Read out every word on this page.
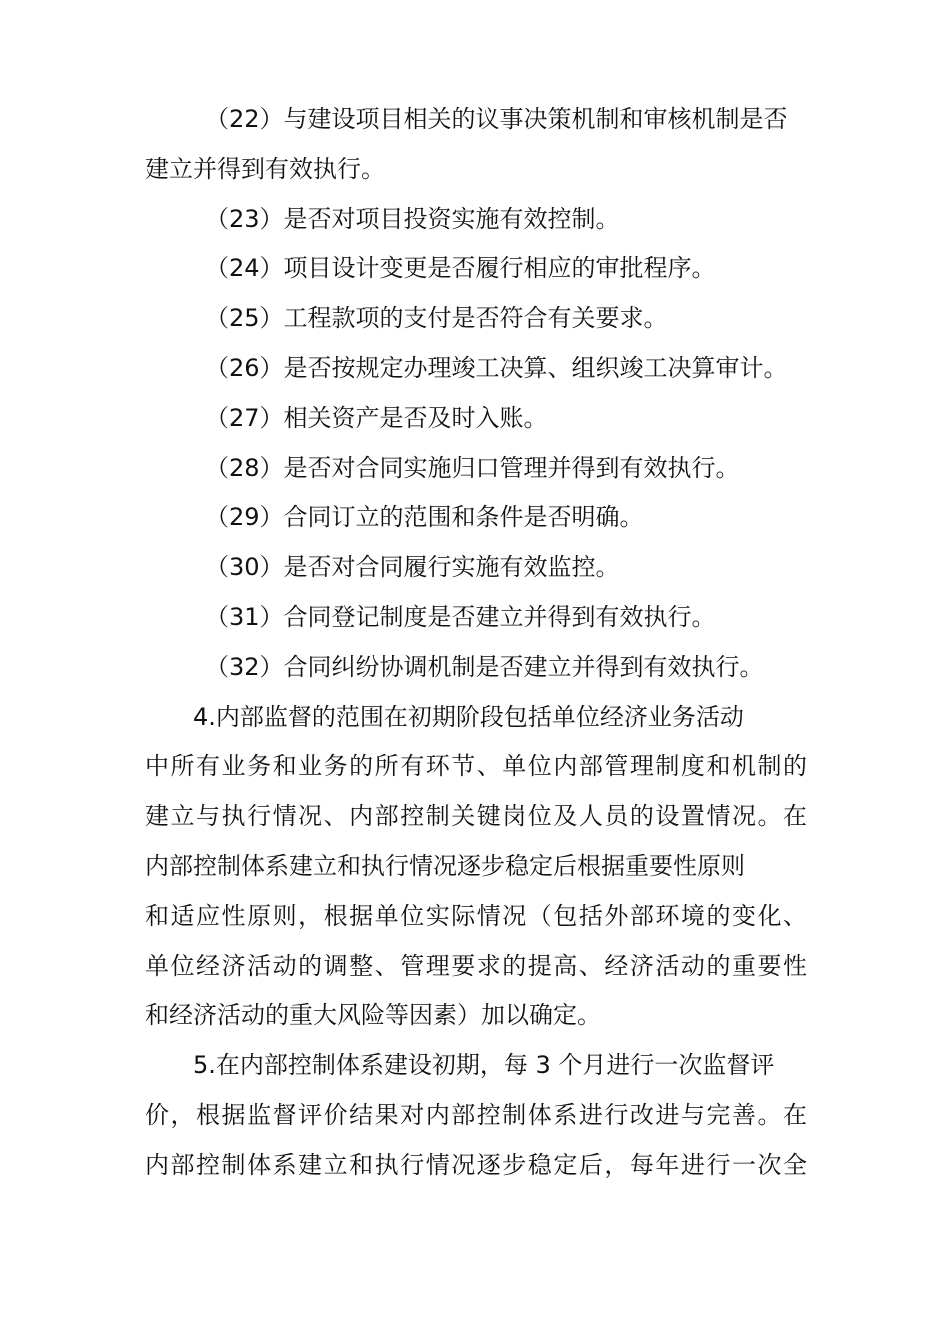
（22）与建设项目相关的议事决策机制和审核机制是否
建立并得到有效执行。
（23）是否对项目投资实施有效控制。
（24）项目设计变更是否履行相应的审批程序。
（25）工程款项的支付是否符合有关要求。
（26）是否按规定办理竣工决算、组织竣工决算审计。
（27）相关资产是否及时入账。
（28）是否对合同实施归口管理并得到有效执行。
（29）合同订立的范围和条件是否明确。
（30）是否对合同履行实施有效监控。
（31）合同登记制度是否建立并得到有效执行。
（32）合同纠纷协调机制是否建立并得到有效执行。
4.内部监督的范围在初期阶段包括单位经济业务活动
中所有业务和业务的所有环节、单位内部管理制度和机制的
建立与执行情况、内部控制关键岗位及人员的设置情况。在
内部控制体系建立和执行情况逐步稳定后根据重要性原则
和适应性原则，根据单位实际情况（包括外部环境的变化、
单位经济活动的调整、管理要求的提高、经济活动的重要性
和经济活动的重大风险等因素）加以确定。
5.在内部控制体系建设初期，每 3 个月进行一次监督评
价，根据监督评价结果对内部控制体系进行改进与完善。在
内部控制体系建立和执行情况逐步稳定后，每年进行一次全
